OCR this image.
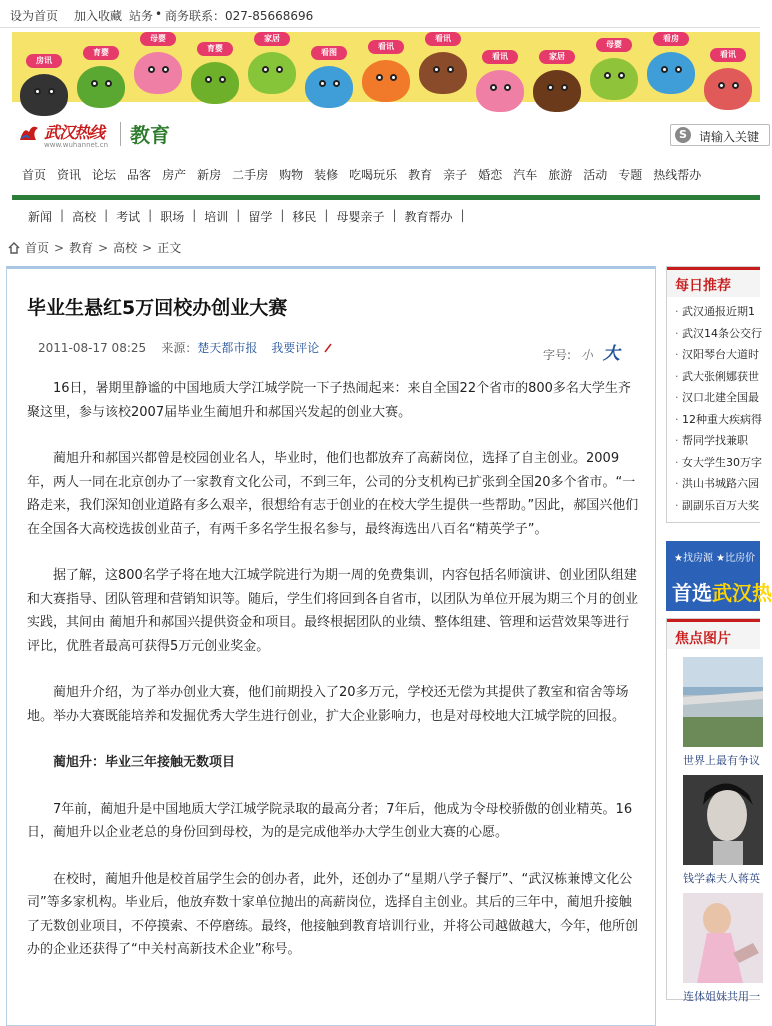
设为首页 加入收藏 站务 • 商务联系：027-85668696
房讯
育婴
母婴
育婴
家居
看图
看讯
看讯
看讯	家居
母婴
看房
看讯
武汉热线
www.wuhannet.cn 教育	S	请输入关键
首页 资讯 论坛 品客 房产 新房 二手房 购物 装修 吃喝玩乐 教育 亲子 婚恋 汽车 旅游 活动 专题 热线帮办
新闻 | 高校 | 考试 | 职场 | 培训 | 留学 | 移民 | 母婴亲子 | 教育帮办 |
首页 > 教育 > 高校 > 正文
毕业生悬红5万回校办创业大赛
2011-08-17 08:25 来源：楚天都市报 我要评论	字号: 小 大

16日，暑期里静谧的中国地质大学江城学院一下子热闹起来：来自全国22个省市的800多名大学生齐聚这里，参与该校2007届毕业生蔺旭升和郝国兴发起的创业大赛。

蔺旭升和郝国兴都曾是校园创业名人，毕业时，他们也都放弃了高薪岗位，选择了自主创业。2009年，两人一同在北京创办了一家教育文化公司，不到三年，公司的分支机构已扩张到全国20多个省市。“一路走来，我们深知创业道路有多么艰辛，很想给有志于创业的在校大学生提供一些帮助。”因此，郝国兴他们在全国各大高校选拔创业苗子，有两千多名学生报名参与，最终海选出八百名“精英学子”。

据了解，这800名学子将在地大江城学院进行为期一周的免费集训，内容包括名师演讲、创业团队组建和大赛指导、团队管理和营销知识等。随后，学生们将回到各自省市，以团队为单位开展为期三个月的创业实践，其间由 蔺旭升和郝国兴提供资金和项目。最终根据团队的业绩、整体组建、管理和运营效果等进行评比，优胜者最高可获得5万元创业奖金。

蔺旭升介绍，为了举办创业大赛，他们前期投入了20多万元，学校还无偿为其提供了教室和宿舍等场地。举办大赛既能培养和发掘优秀大学生进行创业，扩大企业影响力，也是对母校地大江城学院的回报。

蔺旭升：毕业三年接触无数项目

7年前，蔺旭升是中国地质大学江城学院录取的最高分者；7年后，他成为令母校骄傲的创业精英。16日，蔺旭升以企业老总的身份回到母校，为的是完成他举办大学生创业大赛的心愿。

在校时，蔺旭升他是校首届学生会的创办者，此外，还创办了“星期八学子餐厅”、“武汉栋兼博文化公司”等多家机构。毕业后，他放弃数十家单位抛出的高薪岗位，选择自主创业。其后的三年中，蔺旭升接触了无数创业项目，不停摸索、不停磨练。最终，他接触到教育培训行业，并将公司越做越大，今年，他所创办的企业还获得了“中关村高新技术企业”称号。

每日推荐
· 武汉通报近期1
· 武汉14条公交行
· 汉阳琴台大道时
· 武大张俐娜获世
· 汉口北建全国最
· 12种重大疾病得
· 帮同学找兼职
· 女大学生30万字
· 洪山书城路六园
· 副副乐百万大奖
★找房源 ★比房价
首选武汉热
焦点图片
世界上最有争议
钱学森夫人蒋英
连体姐妹共用一
